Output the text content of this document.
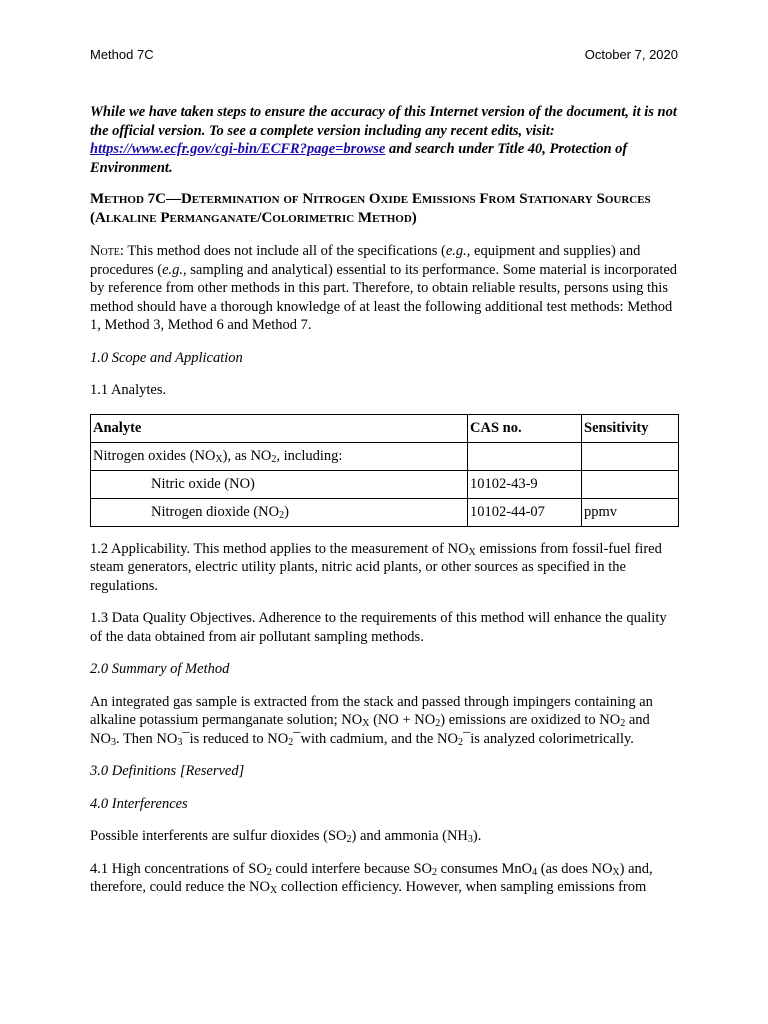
Method 7C	October 7, 2020

While we have taken steps to ensure the accuracy of this Internet version of the document, it is not the official version. To see a complete version including any recent edits, visit: https://www.ecfr.gov/cgi-bin/ECFR?page=browse and search under Title 40, Protection of Environment.

Method 7C—Determination of Nitrogen Oxide Emissions From Stationary Sources (Alkaline Permanganate/Colorimetric Method)

Note: This method does not include all of the specifications (e.g., equipment and supplies) and procedures (e.g., sampling and analytical) essential to its performance. Some material is incorporated by reference from other methods in this part. Therefore, to obtain reliable results, persons using this method should have a thorough knowledge of at least the following additional test methods: Method 1, Method 3, Method 6 and Method 7.

1.0 Scope and Application

1.1 Analytes.

Analyte	CAS no.	Sensitivity
Nitrogen oxides $(NO_X)$, as $NO_2$, including:		
Nitric oxide (NO)	10102-43-9	
Nitrogen dioxide $(NO_2)$	10102-44-07	ppmv

1.2 Applicability. This method applies to the measurement of $NO_X$ emissions from fossil-fuel fired steam generators, electric utility plants, nitric acid plants, or other sources as specified in the regulations.

1.3 Data Quality Objectives. Adherence to the requirements of this method will enhance the quality of the data obtained from air pollutant sampling methods.

2.0 Summary of Method

An integrated gas sample is extracted from the stack and passed through impingers containing an alkaline potassium permanganate solution; $NO_X$ $(NO + NO_2)$ emissions are oxidized to $NO_2$ and $NO_3$. Then $NO_3¯is$ reduced to $NO_2¯with$ cadmium, and the $NO_2¯is$ analyzed colorimetrically.

3.0 Definitions [Reserved]

4.0 Interferences

Possible interferents are sulfur dioxides $(SO_2)$ and ammonia $(NH_3)$.

4.1 High concentrations of $SO_2$ could interfere because $SO_2$ consumes MnO$_4$ (as does $NO_X$) and, therefore, could reduce the $NO_X$ collection efficiency. However, when sampling emissions from
